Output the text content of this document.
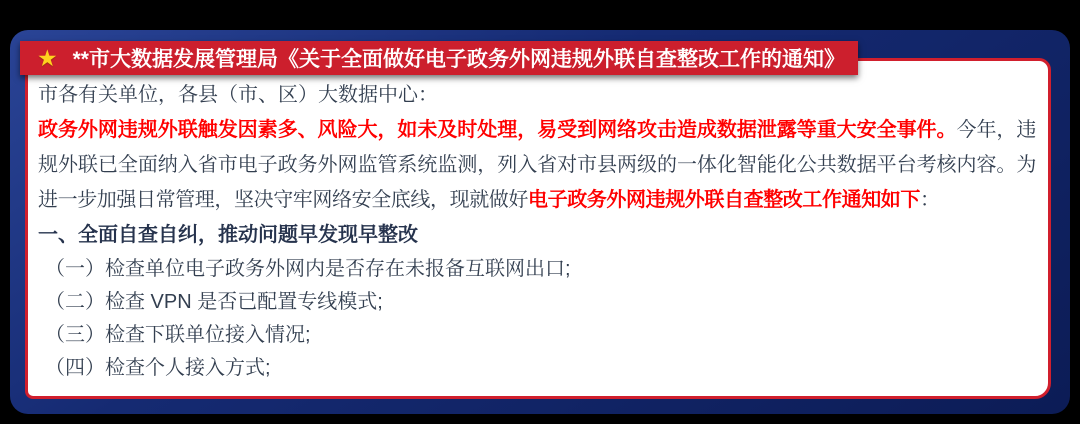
市各有关单位，各县（市、区）大数据中心：

政务外网违规外联触发因素多、风险大，如未及时处理，易受到网络攻击造成数据泄露等重大安全事件。今年，违规外联已全面纳入省市电子政务外网监管系统监测，列入省对市县两级的一体化智能化公共数据平台考核内容。为进一步加强日常管理，坚决守牢网络安全底线，现就做好电子政务外网违规外联自查整改工作通知如下：

一、全面自查自纠，推动问题早发现早整改
（一）检查单位电子政务外网内是否存在未报备互联网出口;
（二）检查 VPN 是否已配置专线模式;
（三）检查下联单位接入情况;
（四）检查个人接入方式;
★ **市大数据发展管理局《关于全面做好电子政务外网违规外联自查整改工作的通知》
